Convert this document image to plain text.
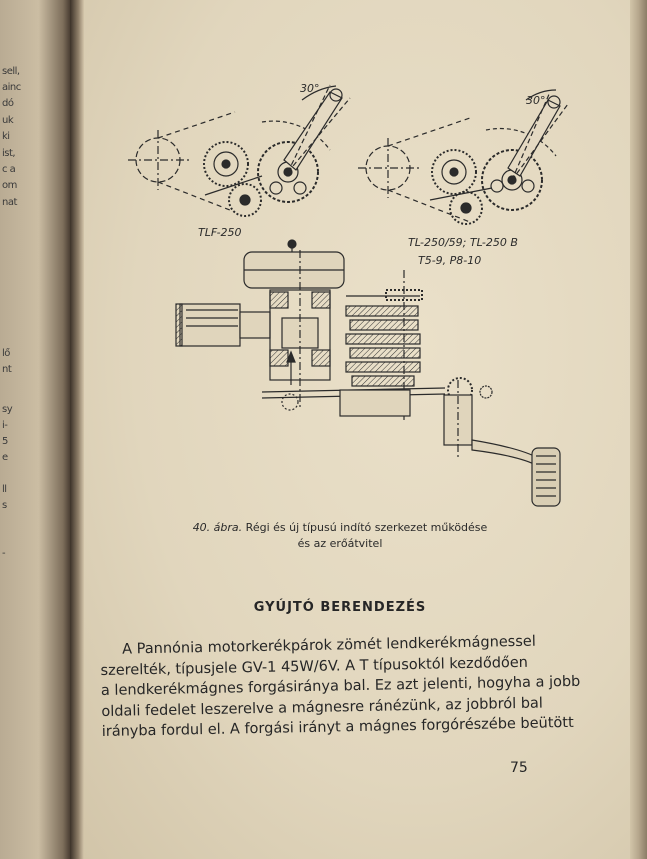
sell,
ainc
dó
uk
ki
ist,
c a
om
nat
lő
nt
sy
i-
5
e
ll
s
-
30°
30°
TLF-250
TL-250/59; TL-250 B
T5-9, P8-10
40. ábra. Régi és új típusú indító szerkezet működése
és az erőátvitel
GYÚJTÓ BERENDEZÉS
A Pannónia motorkerékpárok zömét lendkerékmágnessel
szerelték, típusjele GV-1 45W/6V. A T típusoktól kezdődően
a lendkerékmágnes forgásiránya bal. Ez azt jelenti, hogyha a jobb
oldali fedelet leszerelve a mágnesre ránézünk, az jobbról bal
irányba fordul el. A forgási irányt a mágnes forgórészébe beütött
75
